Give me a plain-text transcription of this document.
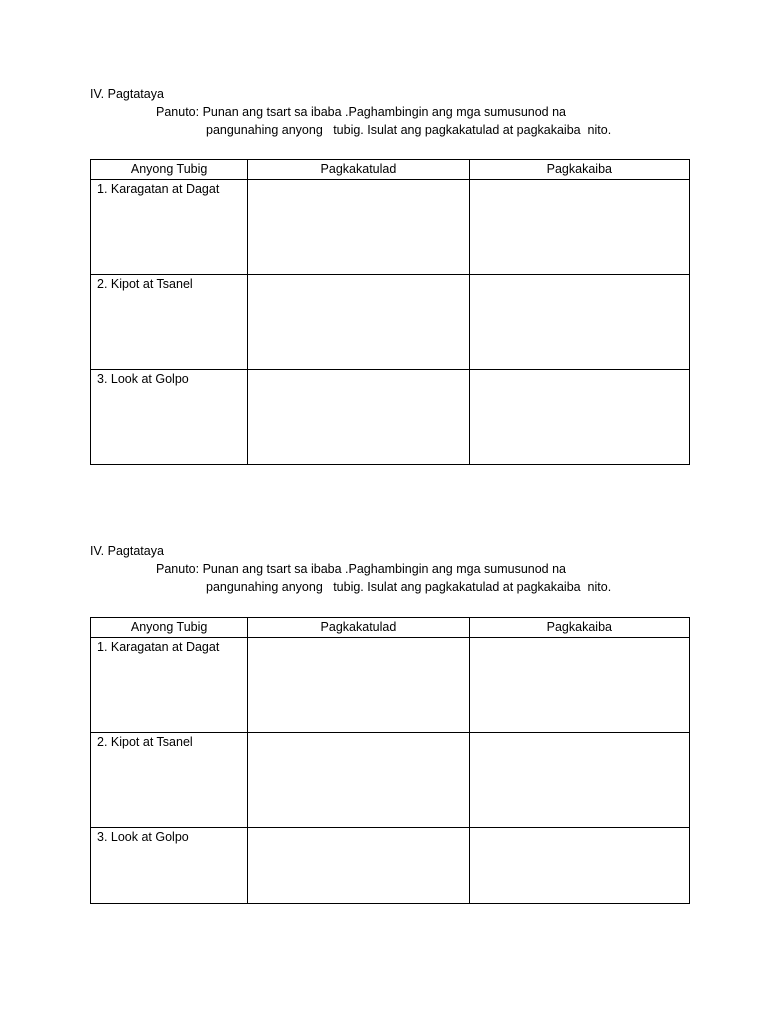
IV. Pagtataya
Panuto: Punan ang tsart sa ibaba .Paghambingin ang mga sumusunod na
pangunahing anyong   tubig. Isulat ang pagkakatulad at pagkakaiba  nito.
Anyong Tubig	Pagkakatulad	Pagkakaiba
1. Karagatan at Dagat		
2. Kipot at Tsanel		
3. Look at Golpo		
IV. Pagtataya
Panuto: Punan ang tsart sa ibaba .Paghambingin ang mga sumusunod na
pangunahing anyong   tubig. Isulat ang pagkakatulad at pagkakaiba  nito.
Anyong Tubig	Pagkakatulad	Pagkakaiba
1. Karagatan at Dagat		
2. Kipot at Tsanel		
3. Look at Golpo		
